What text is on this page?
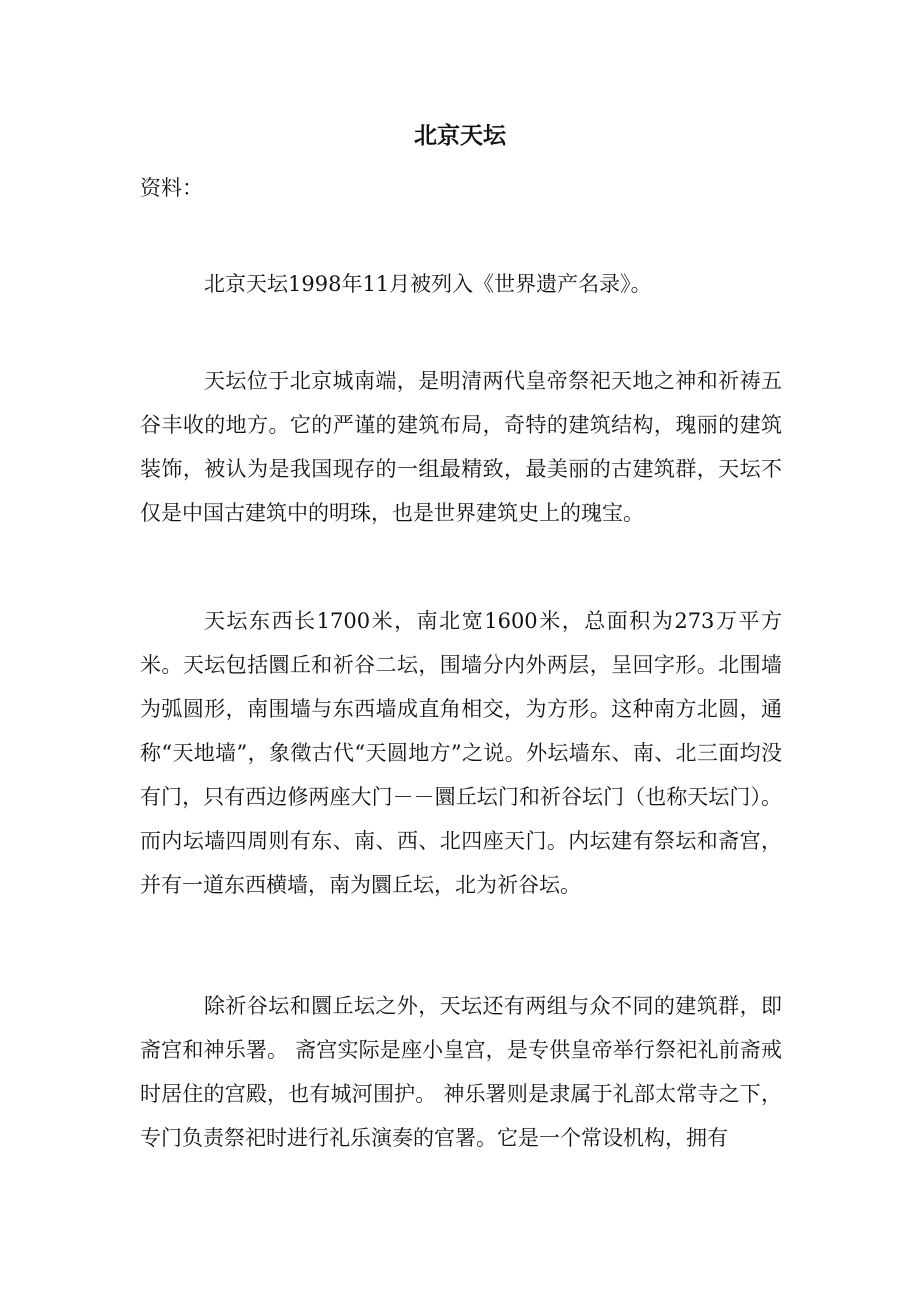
北京天坛

资料：

北京天坛1998年11月被列入《世界遗产名录》。

天坛位于北京城南端，是明清两代皇帝祭祀天地之神和祈祷五谷丰收的地方。它的严谨的建筑布局，奇特的建筑结构，瑰丽的建筑装饰，被认为是我国现存的一组最精致，最美丽的古建筑群，天坛不仅是中国古建筑中的明珠，也是世界建筑史上的瑰宝。

天坛东西长1700米，南北宽1600米，总面积为273万平方米。天坛包括圜丘和祈谷二坛，围墙分内外两层，呈回字形。北围墙为弧圆形，南围墙与东西墙成直角相交，为方形。这种南方北圆，通称“天地墙”，象徵古代“天圆地方”之说。外坛墙东、南、北三面均没有门，只有西边修两座大门－－圜丘坛门和祈谷坛门（也称天坛门）。而内坛墙四周则有东、南、西、北四座天门。内坛建有祭坛和斋宫，并有一道东西横墙，南为圜丘坛，北为祈谷坛。

除祈谷坛和圜丘坛之外，天坛还有两组与众不同的建筑群，即斋宫和神乐署。 斋宫实际是座小皇宫，是专供皇帝举行祭祀礼前斋戒时居住的宫殿，也有城河围护。 神乐署则是隶属于礼部太常寺之下，专门负责祭祀时进行礼乐演奏的官署。它是一个常设机构，拥有
